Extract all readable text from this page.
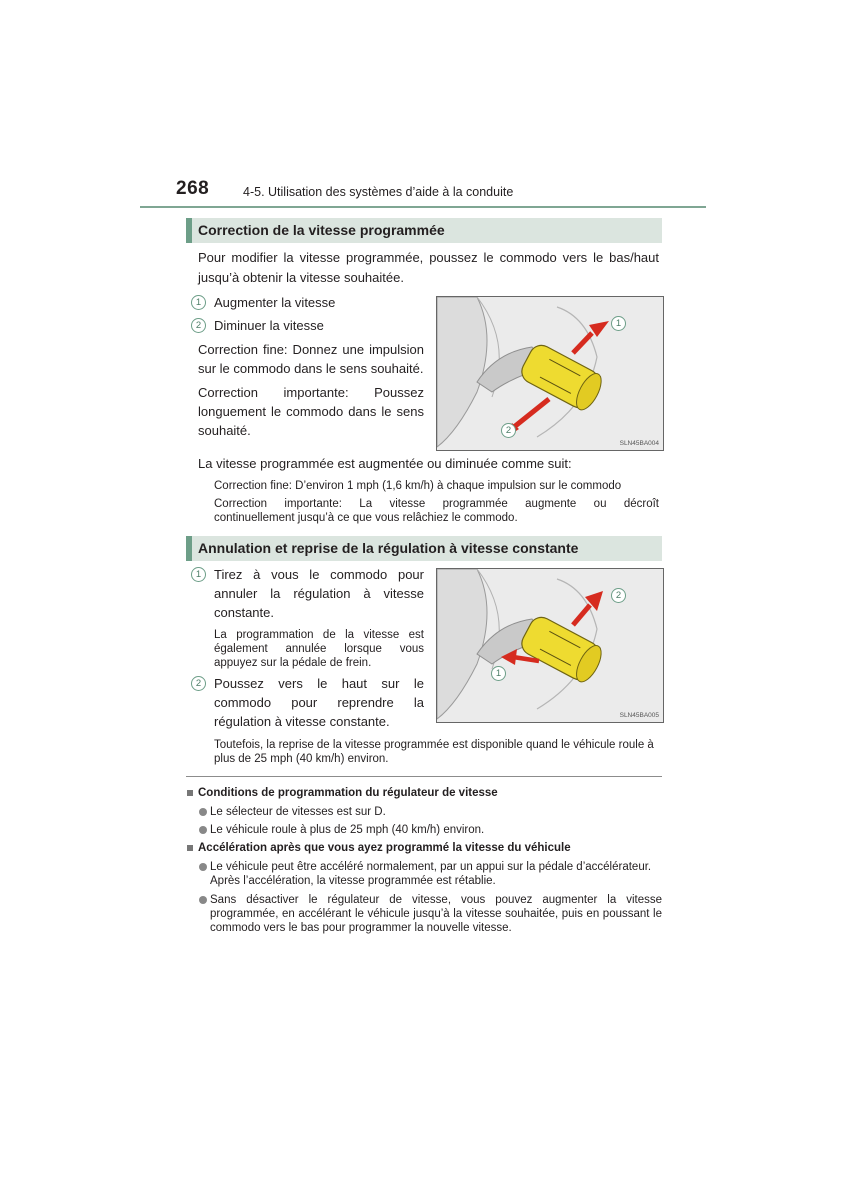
268	4-5. Utilisation des systèmes d’aide à la conduite
Correction de la vitesse programmée
Pour modifier la vitesse programmée, poussez le commodo vers le bas/haut
jusqu’à obtenir la vitesse souhaitée.
1 Augmenter la vitesse
2 Diminuer la vitesse
Correction fine: Donnez une impulsion
sur le commodo dans le sens souhaité.
Correction importante: Poussez
longuement le commodo dans le sens
souhaité.
1
2
SLN45BA004
La vitesse programmée est augmentée ou diminuée comme suit:
Correction fine: D’environ 1 mph (1,6 km/h) à chaque impulsion sur le commodo
Correction importante: La vitesse programmée augmente ou décroît
continuellement jusqu’à ce que vous relâchiez le commodo.
Annulation et reprise de la régulation à vitesse constante
1 Tirez à vous le commodo pour
annuler la régulation à vitesse
constante.
La programmation de la vitesse est
également annulée lorsque vous
appuyez sur la pédale de frein.
2 Poussez vers le haut sur le
commodo pour reprendre la
régulation à vitesse constante.
2
1
SLN45BA005
Toutefois, la reprise de la vitesse programmée est disponible quand le véhicule roule à
plus de 25 mph (40 km/h) environ.
Conditions de programmation du régulateur de vitesse
Le sélecteur de vitesses est sur D.
Le véhicule roule à plus de 25 mph (40 km/h) environ.
Accélération après que vous ayez programmé la vitesse du véhicule
Le véhicule peut être accéléré normalement, par un appui sur la pédale d’accélérateur.
Après l’accélération, la vitesse programmée est rétablie.
Sans désactiver le régulateur de vitesse, vous pouvez augmenter la vitesse
programmée, en accélérant le véhicule jusqu’à la vitesse souhaitée, puis en poussant le
commodo vers le bas pour programmer la nouvelle vitesse.
